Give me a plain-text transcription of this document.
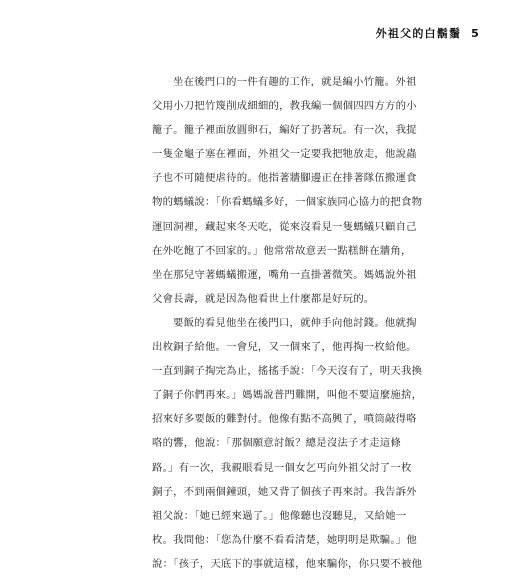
外祖父的白鬍鬚 5
坐在後門口的一件有趣的工作，就是編小竹籠。外祖
父用小刀把竹篾削成細細的，教我編一個個四四方方的小
籠子。籠子裡面放圓卵石，編好了扔著玩。有一次，我捉
一隻金龜子塞在裡面，外祖父一定要我把牠放走，他說蟲
子也不可隨便虐待的。他指著牆腳邊正在排著隊伍搬運食
物的螞蟻說：「你看螞蟻多好，一個家族同心協力的把食物
運回洞裡，藏起來冬天吃，從來沒看見一隻螞蟻只顧自己
在外吃飽了不回家的。」他常常故意丟一點糕餅在牆角，
坐在那兒守著螞蟻搬運，嘴角一直掛著微笑。媽媽說外祖
父會長壽，就是因為他看世上什麼都是好玩的。
要飯的看見他坐在後門口，就伸手向他討錢。他就掏
出枚銅子給他。一會兒，又一個來了，他再掏一枚給他。
一直到銅子掏完為止，搖搖手說：「今天沒有了，明天我換
了銅子你們再來。」媽媽說普門難開，叫他不要這麼施捨，
招來好多要飯的難對付。他像有點不高興了，噴筒敲得咯
咯的響，他說：「那個願意討飯？總是沒法子才走這條
路。」有一次，我親眼看見一個女乞丐向外祖父討了一枚
銅子，不到兩個鐘頭，她又背了個孩子再來討。我告訴外
祖父說：「她已經來過了。」他像聽也沒聽見，又給她一
枚。我問他：「您為什麼不看看清楚，她明明是欺騙。」他
說：「孩子，天底下的事就這樣，他來騙你，你只要不被他
